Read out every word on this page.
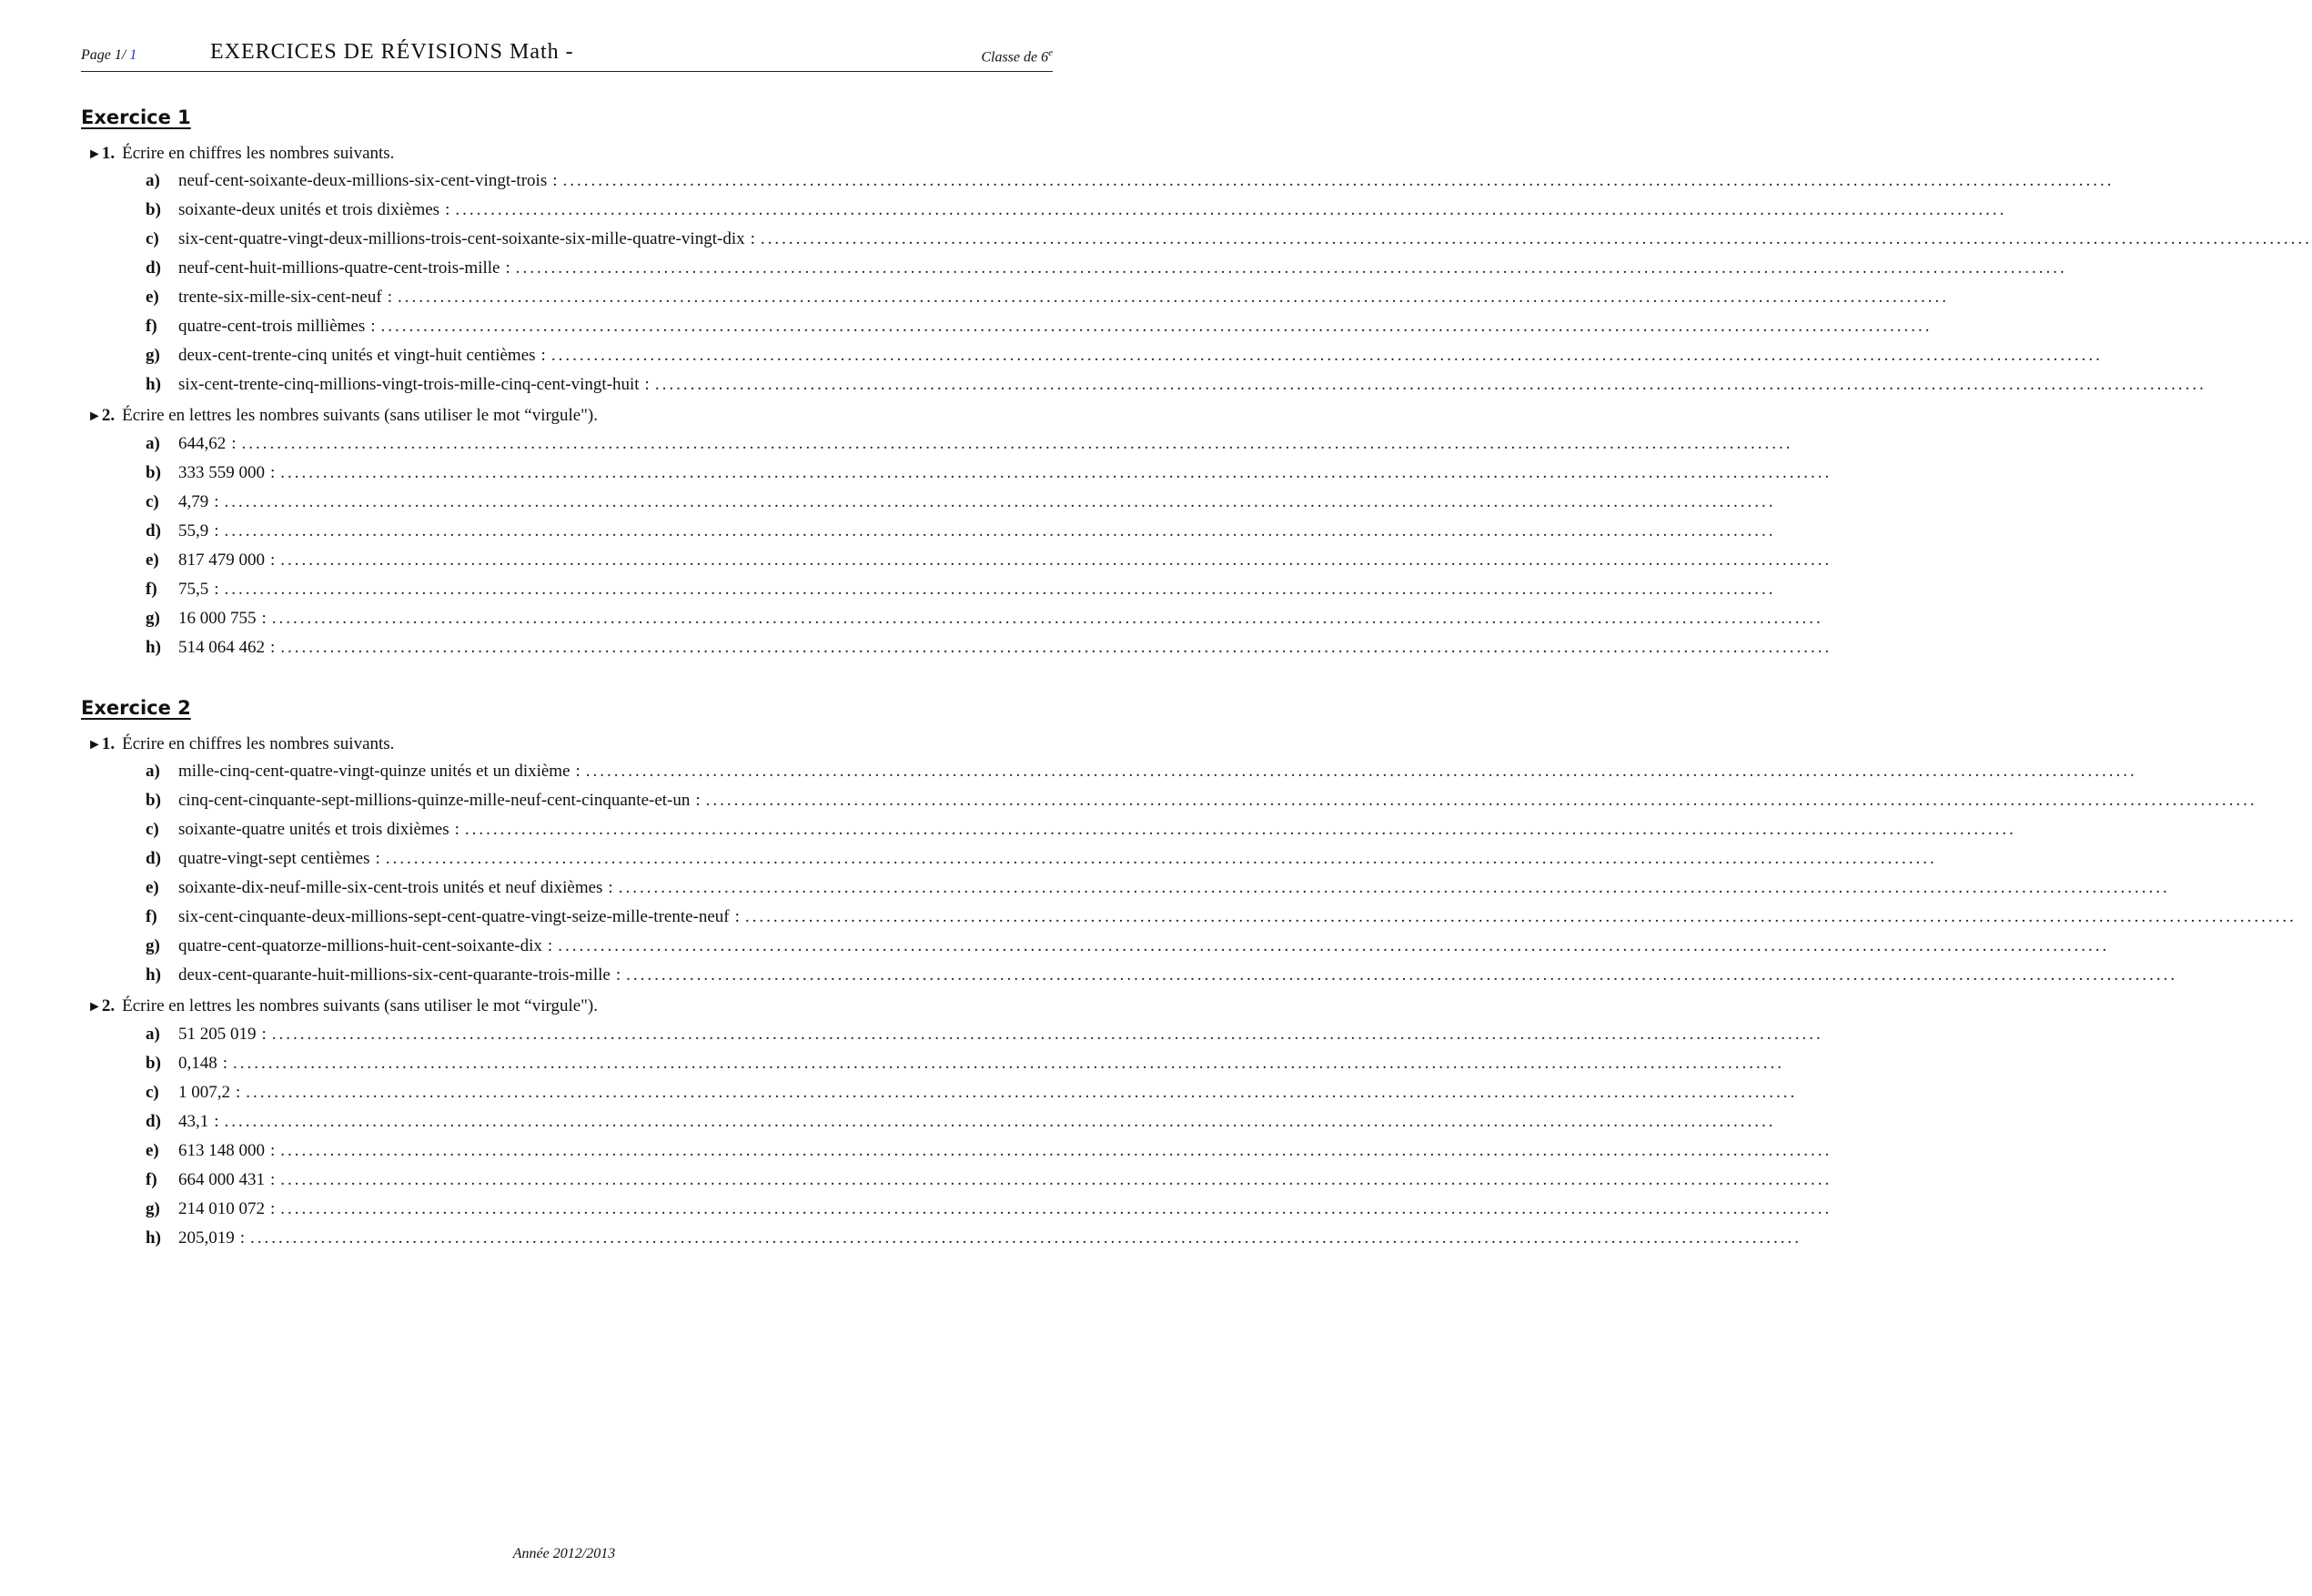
Page 1/ 1	EXERCICES DE RÉVISIONS Math -	Classe de 6e
Exercice 1
►1. Écrire en chiffres les nombres suivants.
a)	neuf-cent-soixante-deux-millions-six-cent-vingt-trois : ............................................................................................................................................................................................................................
b)	soixante-deux unités et trois dixièmes : ............................................................................................................................................................................................................................
c)	six-cent-quatre-vingt-deux-millions-trois-cent-soixante-six-mille-quatre-vingt-dix : ............................................................................................................................................................................................................................
d)	neuf-cent-huit-millions-quatre-cent-trois-mille : ............................................................................................................................................................................................................................
e)	trente-six-mille-six-cent-neuf : ............................................................................................................................................................................................................................
f)	quatre-cent-trois millièmes : ............................................................................................................................................................................................................................
g)	deux-cent-trente-cinq unités et vingt-huit centièmes : ............................................................................................................................................................................................................................
h)	six-cent-trente-cinq-millions-vingt-trois-mille-cinq-cent-vingt-huit : ............................................................................................................................................................................................................................
►2. Écrire en lettres les nombres suivants (sans utiliser le mot “virgule").
a)	644,62 : ............................................................................................................................................................................................................................
b)	333 559 000 : ............................................................................................................................................................................................................................
c)	4,79 : ............................................................................................................................................................................................................................
d)	55,9 : ............................................................................................................................................................................................................................
e)	817 479 000 : ............................................................................................................................................................................................................................
f)	75,5 : ............................................................................................................................................................................................................................
g)	16 000 755 : ............................................................................................................................................................................................................................
h)	514 064 462 : ............................................................................................................................................................................................................................
Exercice 2
►1. Écrire en chiffres les nombres suivants.
a)	mille-cinq-cent-quatre-vingt-quinze unités et un dixième : ............................................................................................................................................................................................................................
b)	cinq-cent-cinquante-sept-millions-quinze-mille-neuf-cent-cinquante-et-un : ............................................................................................................................................................................................................................
c)	soixante-quatre unités et trois dixièmes : ............................................................................................................................................................................................................................
d)	quatre-vingt-sept centièmes : ............................................................................................................................................................................................................................
e)	soixante-dix-neuf-mille-six-cent-trois unités et neuf dixièmes : ............................................................................................................................................................................................................................
f)	six-cent-cinquante-deux-millions-sept-cent-quatre-vingt-seize-mille-trente-neuf : ............................................................................................................................................................................................................................
g)	quatre-cent-quatorze-millions-huit-cent-soixante-dix : ............................................................................................................................................................................................................................
h)	deux-cent-quarante-huit-millions-six-cent-quarante-trois-mille : ............................................................................................................................................................................................................................
►2. Écrire en lettres les nombres suivants (sans utiliser le mot “virgule").
a)	51 205 019 : ............................................................................................................................................................................................................................
b)	0,148 : ............................................................................................................................................................................................................................
c)	1 007,2 : ............................................................................................................................................................................................................................
d)	43,1 : ............................................................................................................................................................................................................................
e)	613 148 000 : ............................................................................................................................................................................................................................
f)	664 000 431 : ............................................................................................................................................................................................................................
g)	214 010 072 : ............................................................................................................................................................................................................................
h)	205,019 : ............................................................................................................................................................................................................................
Année 2012/2013
